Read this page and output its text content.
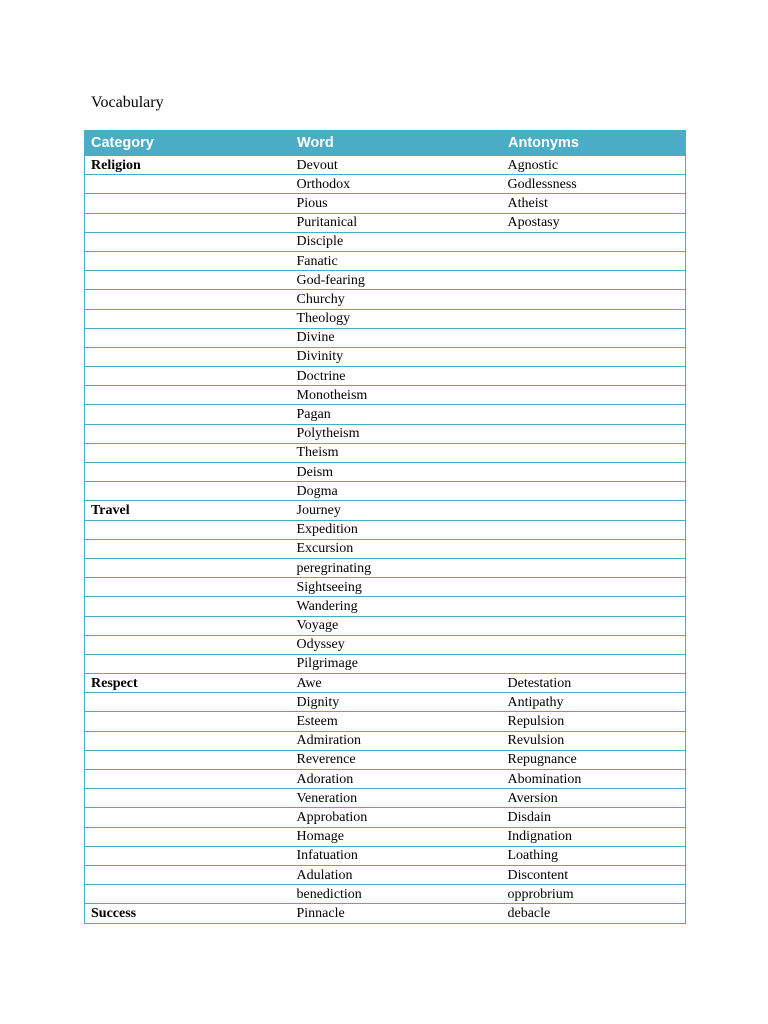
Vocabulary
Category	Word	Antonyms
Religion	Devout	Agnostic
	Orthodox	Godlessness
	Pious	Atheist
	Puritanical	Apostasy
	Disciple	
	Fanatic	
	God-fearing	
	Churchy	
	Theology	
	Divine	
	Divinity	
	Doctrine	
	Monotheism	
	Pagan	
	Polytheism	
	Theism	
	Deism	
	Dogma	
Travel	Journey	
	Expedition	
	Excursion	
	peregrinating	
	Sightseeing	
	Wandering	
	Voyage	
	Odyssey	
	Pilgrimage	
Respect	Awe	Detestation
	Dignity	Antipathy
	Esteem	Repulsion
	Admiration	Revulsion
	Reverence	Repugnance
	Adoration	Abomination
	Veneration	Aversion
	Approbation	Disdain
	Homage	Indignation
	Infatuation	Loathing
	Adulation	Discontent
	benediction	opprobrium
Success	Pinnacle	debacle
